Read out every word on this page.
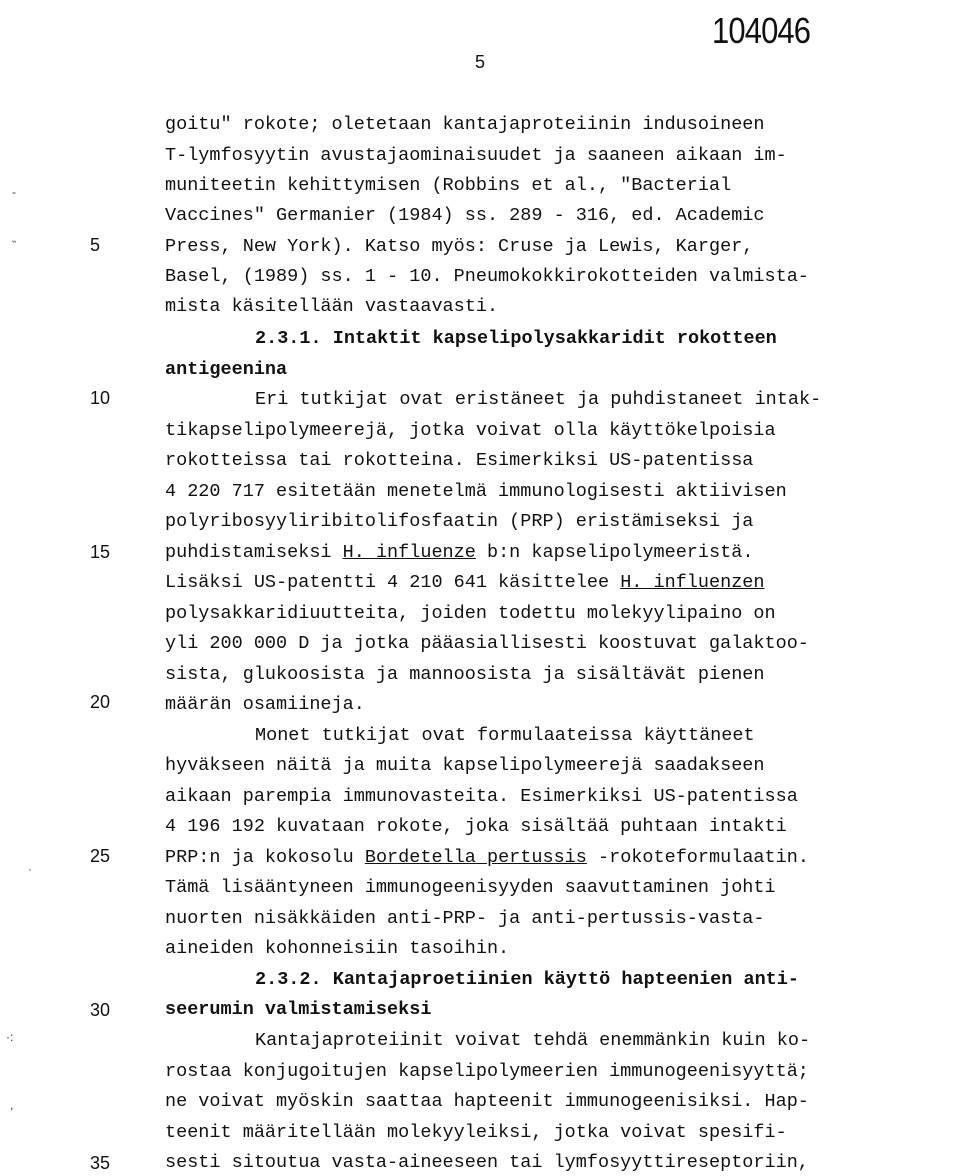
104046
5
-
˵
·
·:
,
5
10
15
20
25
30
35
goitu" rokote; oletetaan kantajaproteiinin indusoineen
T-lymfosyytin avustajaominaisuudet ja saaneen aikaan im-
muniteetin kehittymisen (Robbins et al., "Bacterial
Vaccines" Germanier (1984) ss. 289 - 316, ed. Academic
Press, New York). Katso myös: Cruse ja Lewis, Karger,
Basel, (1989) ss. 1 - 10. Pneumokokkirokotteiden valmista-
mista käsitellään vastaavasti.
2.3.1. Intaktit kapselipolysakkaridit rokotteen
antigeenina
Eri tutkijat ovat eristäneet ja puhdistaneet intak-
tikapselipolymeerejä, jotka voivat olla käyttökelpoisia
rokotteissa tai rokotteina. Esimerkiksi US-patentissa
4 220 717 esitetään menetelmä immunologisesti aktiivisen
polyribosyyliribitolifosfaatin (PRP) eristämiseksi ja
puhdistamiseksi H. influenze b:n kapselipolymeeristä.
Lisäksi US-patentti 4 210 641 käsittelee H. influenzen
polysakkaridiuutteita, joiden todettu molekyylipaino on
yli 200 000 D ja jotka pääasiallisesti koostuvat galaktoo-
sista, glukoosista ja mannoosista ja sisältävät pienen
määrän osamiineja.
Monet tutkijat ovat formulaateissa käyttäneet
hyväkseen näitä ja muita kapselipolymeerejä saadakseen
aikaan parempia immunovasteita. Esimerkiksi US-patentissa
4 196 192 kuvataan rokote, joka sisältää puhtaan intakti
PRP:n ja kokosolu Bordetella pertussis -rokoteformulaatin.
Tämä lisääntyneen immunogeenisyyden saavuttaminen johti
nuorten nisäkkäiden anti-PRP- ja anti-pertussis-vasta-
aineiden kohonneisiin tasoihin.
2.3.2. Kantajaproetiinien käyttö hapteenien anti-
seerumin valmistamiseksi
Kantajaproteiinit voivat tehdä enemmänkin kuin ko-
rostaa konjugoitujen kapselipolymeerien immunogeenisyyttä;
ne voivat myöskin saattaa hapteenit immunogeenisiksi. Hap-
teenit määritellään molekyyleiksi, jotka voivat spesifi-
sesti sitoutua vasta-aineeseen tai lymfosyyttireseptoriin,
